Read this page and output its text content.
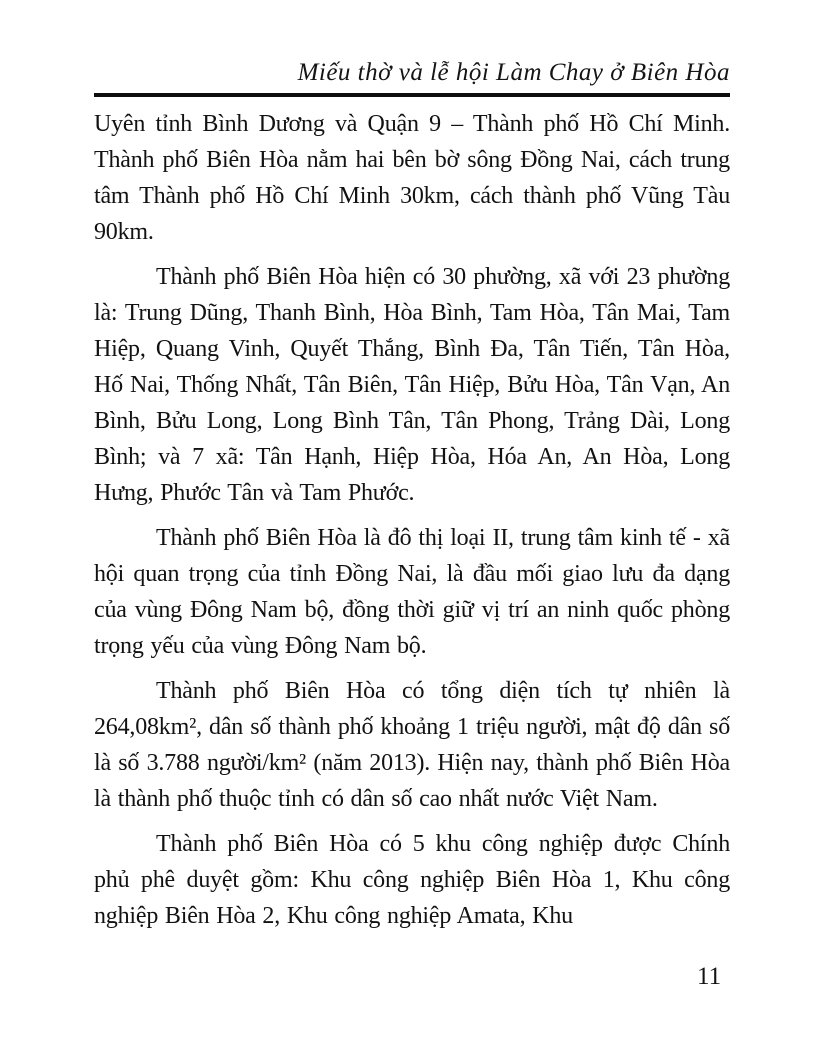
Miếu thờ và lễ hội Làm Chay ở Biên Hòa

Uyên tỉnh Bình Dương và Quận 9 – Thành phố Hồ Chí Minh. Thành phố Biên Hòa nằm hai bên bờ sông Đồng Nai, cách trung tâm Thành phố Hồ Chí Minh 30km, cách thành phố Vũng Tàu 90km.

Thành phố Biên Hòa hiện có 30 phường, xã với 23 phường là: Trung Dũng, Thanh Bình, Hòa Bình, Tam Hòa, Tân Mai, Tam Hiệp, Quang Vinh, Quyết Thắng, Bình Đa, Tân Tiến, Tân Hòa, Hố Nai, Thống Nhất, Tân Biên, Tân Hiệp, Bửu Hòa, Tân Vạn, An Bình, Bửu Long, Long Bình Tân, Tân Phong, Trảng Dài, Long Bình; và 7 xã: Tân Hạnh, Hiệp Hòa, Hóa An, An Hòa, Long Hưng, Phước Tân và Tam Phước.

Thành phố Biên Hòa là đô thị loại II, trung tâm kinh tế - xã hội quan trọng của tỉnh Đồng Nai, là đầu mối giao lưu đa dạng của vùng Đông Nam bộ, đồng thời giữ vị trí an ninh quốc phòng trọng yếu của vùng Đông Nam bộ.

Thành phố Biên Hòa có tổng diện tích tự nhiên là 264,08km², dân số thành phố khoảng 1 triệu người, mật độ dân số là số 3.788 người/km² (năm 2013). Hiện nay, thành phố Biên Hòa là thành phố thuộc tỉnh có dân số cao nhất nước Việt Nam.

Thành phố Biên Hòa có 5 khu công nghiệp được Chính phủ phê duyệt gồm: Khu công nghiệp Biên Hòa 1, Khu công nghiệp Biên Hòa 2, Khu công nghiệp Amata, Khu

11
